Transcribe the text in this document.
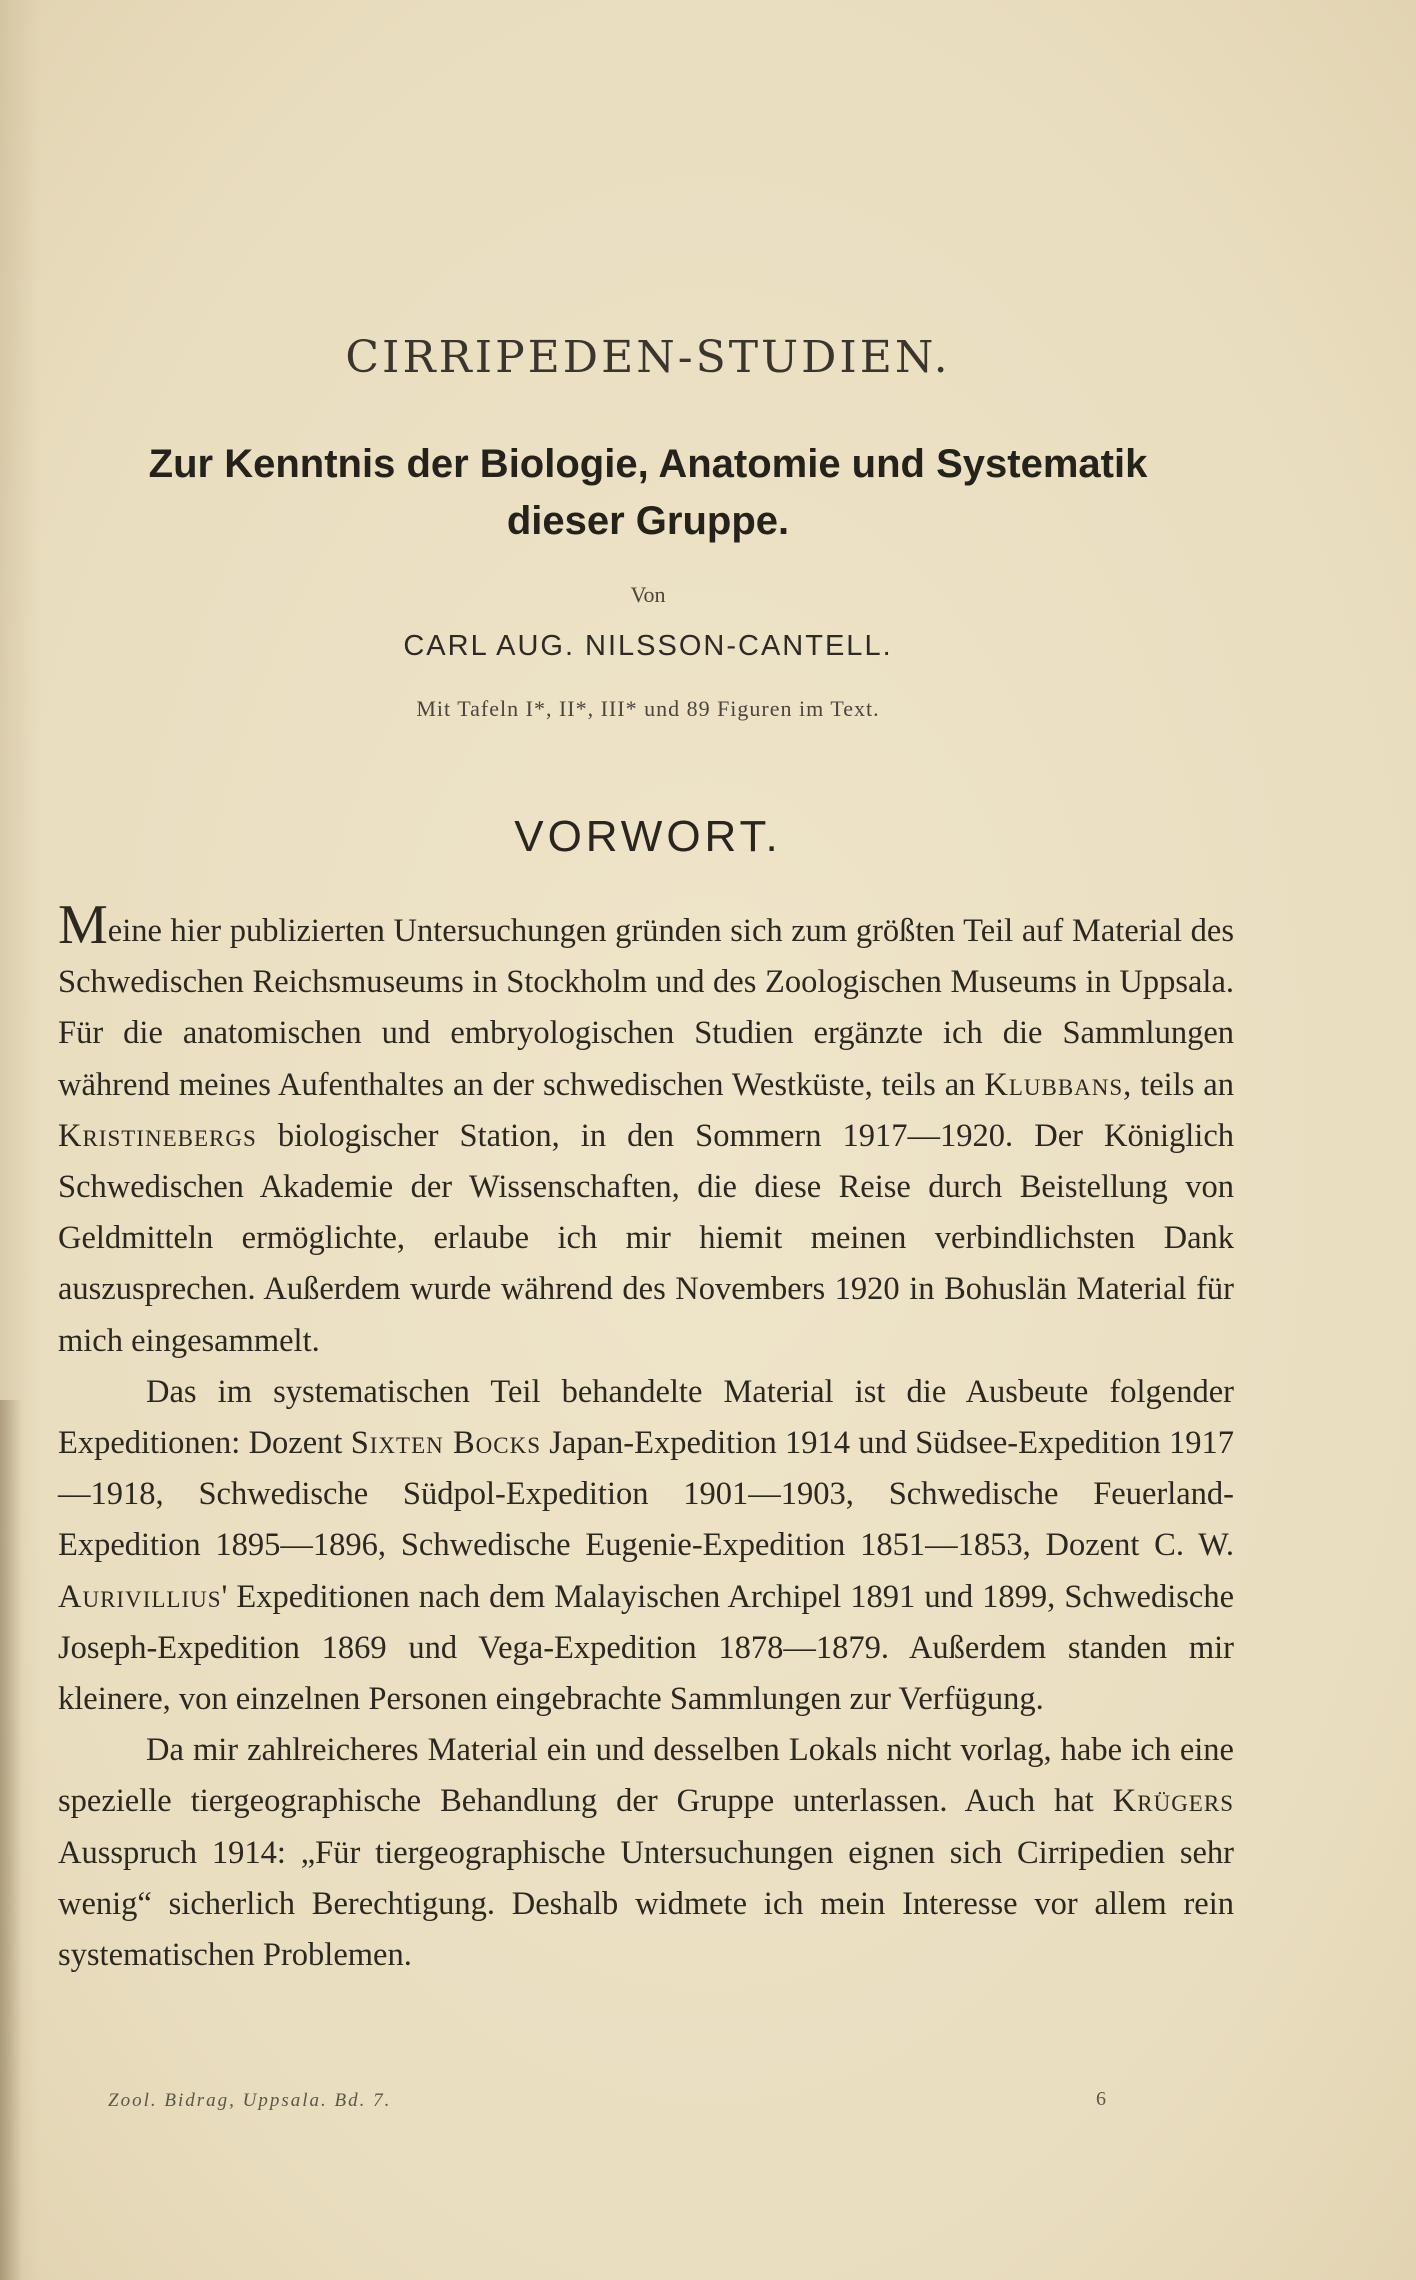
CIRRIPEDEN-STUDIEN.
Zur Kenntnis der Biologie, Anatomie und Systematik
dieser Gruppe.
Von
CARL AUG. NILSSON-CANTELL.
Mit Tafeln I*, II*, III* und 89 Figuren im Text.
VORWORT.

Meine hier publizierten Untersuchungen gründen sich zum größten Teil auf Material des Schwedischen Reichsmuseums in Stockholm und des Zoologischen Museums in Uppsala. Für die anatomischen und embryologischen Studien ergänzte ich die Sammlungen während meines Aufenthaltes an der schwedischen Westküste, teils an Klubbans, teils an Kristinebergs biologischer Station, in den Sommern 1917—1920. Der Königlich Schwedischen Akademie der Wissenschaften, die diese Reise durch Beistellung von Geldmitteln ermöglichte, erlaube ich mir hiemit meinen verbindlichsten Dank auszusprechen. Außerdem wurde während des Novembers 1920 in Bohuslän Material für mich eingesammelt.

Das im systematischen Teil behandelte Material ist die Ausbeute folgender Expeditionen: Dozent Sixten Bocks Japan-Expedition 1914 und Südsee-Expedition 1917—1918, Schwedische Südpol-Expedition 1901—1903, Schwedische Feuerland-Expedition 1895—1896, Schwedische Eugenie-Expedition 1851—1853, Dozent C. W. Aurivillius' Expeditionen nach dem Malayischen Archipel 1891 und 1899, Schwedische Joseph-Expedition 1869 und Vega-Expedition 1878—1879. Außerdem standen mir kleinere, von einzelnen Personen eingebrachte Sammlungen zur Verfügung.

Da mir zahlreicheres Material ein und desselben Lokals nicht vorlag, habe ich eine spezielle tiergeographische Behandlung der Gruppe unterlassen. Auch hat Krügers Ausspruch 1914: „Für tiergeographische Untersuchungen eignen sich Cirripedien sehr wenig“ sicherlich Berechtigung. Deshalb widmete ich mein Interesse vor allem rein systematischen Problemen.

Zool. Bidrag, Uppsala. Bd. 7.	6
